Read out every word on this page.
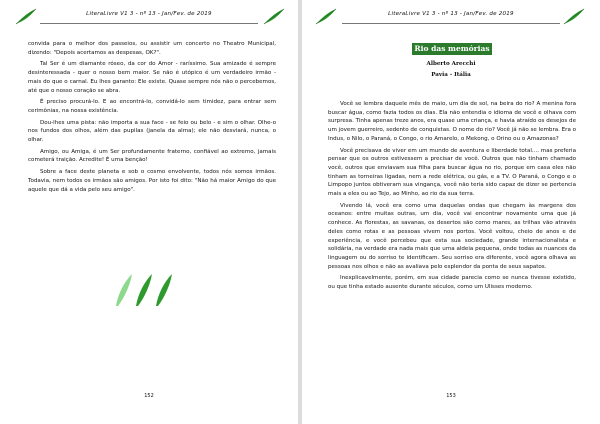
LiteraLivre V1 3 - nº 13 - Jan/Fev. de 2019

convida para o melhor dos passeios, ou assistir um concerto no Theatro Municipal, dizendo: "Depois acertamos as despesas, OK?".

Tal Ser é um diamante róseo, da cor do Amor - raríssimo. Sua amizade é sempre desinteressada - quer o nosso bem maior. Se não é utópico é um verdadeiro irmão - mais do que o carnal. Eu lhes garanto: Ele existe. Quase sempre nós não o percebemos, até que o nosso coração se abra.

É preciso procurá-lo. E ao encontrá-lo, convidá-lo sem timidez, para entrar sem cerimônias, na nossa existência.

Dou-lhes uma pista: não importa a sua face - se feio ou belo - e sim o olhar. Olhe-o nos fundos dos olhos, além das pupilas (janela da alma); ele não desviará, nunca, o olhar.

Amigo, ou Amiga, é um Ser profundamente fraterno, confiável ao extremo, jamais cometerá traição. Acredite! É uma benção!

Sobre a face deste planeta e sob o cosmo envolvente, todos nós somos irmãos. Todavia, nem todos os irmãos são amigos. Por isto foi dito: "Não há maior Amigo do que aquele que dá a vida pelo seu amigo".

152
LiteraLivre V1 3 - nº 13 - Jan/Fev. de 2019
Rio das memórias
Alberto Arecchi
Pavia - Itália

Você se lembra daquele mês de maio, um dia de sol, na beira do rio? A menina fora buscar água, como fazia todos os dias. Ela não entendia o idioma de você e olhava com surpresa. Tinha apenas treze anos, era quase uma criança, e havia atraído os desejos de um jovem guerreiro, sedento de conquistas. O nome do rio? Você já não se lembra. Era o Indus, o Nilo, o Paraná, o Congo, o rio Amarelo, o Mekong, o Orino ou o Amazonas?

Você precisava de viver em um mundo de aventura e liberdade total.... mas preferia pensar que os outros estivessem a precisar de você. Outros que não tinham chamado você, outros que enviavam sua filha para buscar água no rio, porque em casa eles não tinham as torneiras ligadas, nem a rede elétrica, ou gás, e a TV. O Paraná, o Congo e o Limpopo juntos obtiveram sua vingança, você não teria sido capaz de dizer se pertencia mais a eles ou ao Tejo, ao Minho, ao rio da sua terra.

Vivendo lá, você era como uma daquelas ondas que chegam às margens dos oceanos: entre muitas outras, um dia, você vai encontrar novamente uma que já conhece. As florestas, as savanas, os desertos são como mares, as trilhas vão através deles como rotas e as pessoas vivem nos portos. Você voltou, cheio de anos e de experiência, e você percebeu que esta sua sociedade, grande internacionalista e solidária, na verdade era nada mais que uma aldeia pequena, onde todas as nuances da linguagem ou do sorriso te identificam. Seu sorriso era diferente, você agora olhava as pessoas nos olhos e não as avaliava pelo esplendor da ponta de seus sapatos.

Inexplicavelmente, porém, em sua cidade parecia como se nunca tivesse existido, ou que tinha estado ausente durante séculos, como um Ulisses moderno.

153
